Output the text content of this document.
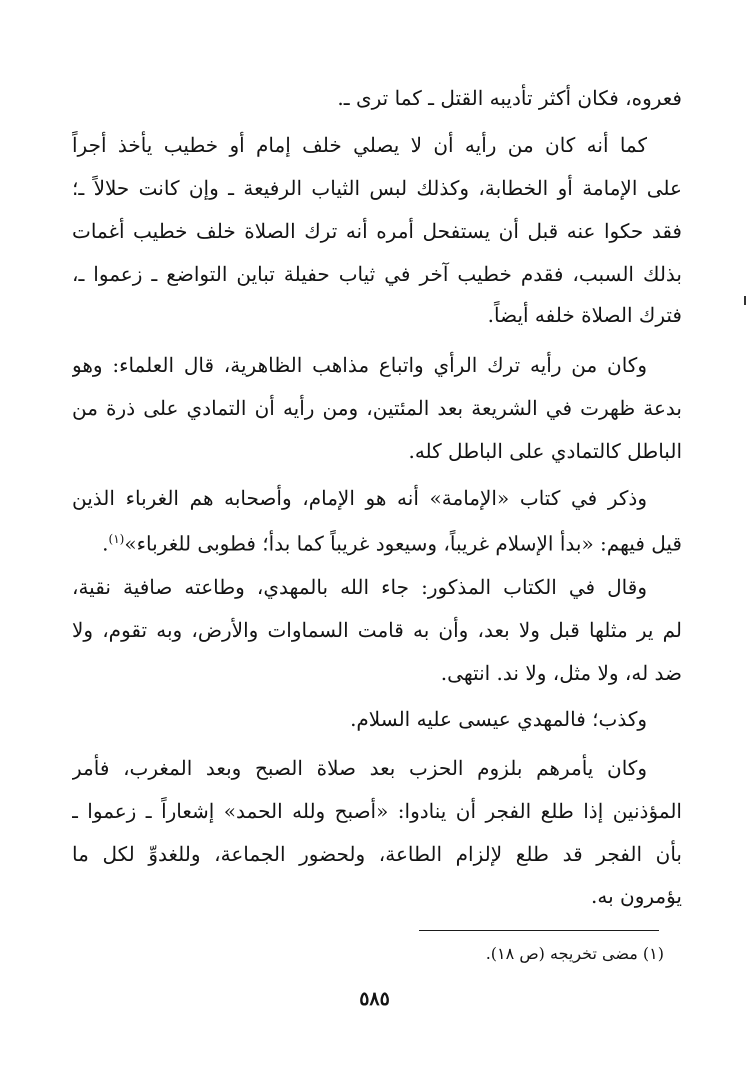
فعروه، فكان أكثر تأديبه القتل ـ كما ترى ـ.
كما أنه كان من رأيه أن لا يصلي خلف إمام أو خطيب يأخذ أجراً
على الإمامة أو الخطابة، وكذلك لبس الثياب الرفيعة ـ وإن كانت حلالاً ـ؛
فقد حكوا عنه قبل أن يستفحل أمره أنه ترك الصلاة خلف خطيب أغمات
بذلك السبب، فقدم خطيب آخر في ثياب حفيلة تباين التواضع ـ زعموا ـ،
فترك الصلاة خلفه أيضاً.
وكان من رأيه ترك الرأي واتباع مذاهب الظاهرية، قال العلماء: وهو
بدعة ظهرت في الشريعة بعد المئتين، ومن رأيه أن التمادي على ذرة من
الباطل كالتمادي على الباطل كله.
وذكر في كتاب «الإمامة» أنه هو الإمام، وأصحابه هم الغرباء الذين
قيل فيهم: «بدأ الإسلام غريباً، وسيعود غريباً كما بدأ؛ فطوبى للغرباء»$^{(١)}$.
وقال في الكتاب المذكور: جاء الله بالمهدي، وطاعته صافية نقية،
لم ير مثلها قبل ولا بعد، وأن به قامت السماوات والأرض، وبه تقوم، ولا
ضد له، ولا مثل، ولا ند. انتهى.
وكذب؛ فالمهدي عيسى عليه السلام.
وكان يأمرهم بلزوم الحزب بعد صلاة الصبح وبعد المغرب، فأمر
المؤذنين إذا طلع الفجر أن ينادوا: «أصبح ولله الحمد» إشعاراً ـ زعموا ـ
بأن الفجر قد طلع لإلزام الطاعة، ولحضور الجماعة، وللغدوِّ لكل ما
يؤمرون به.
(١) مضى تخريجه (ص ١٨).
٥٨٥
